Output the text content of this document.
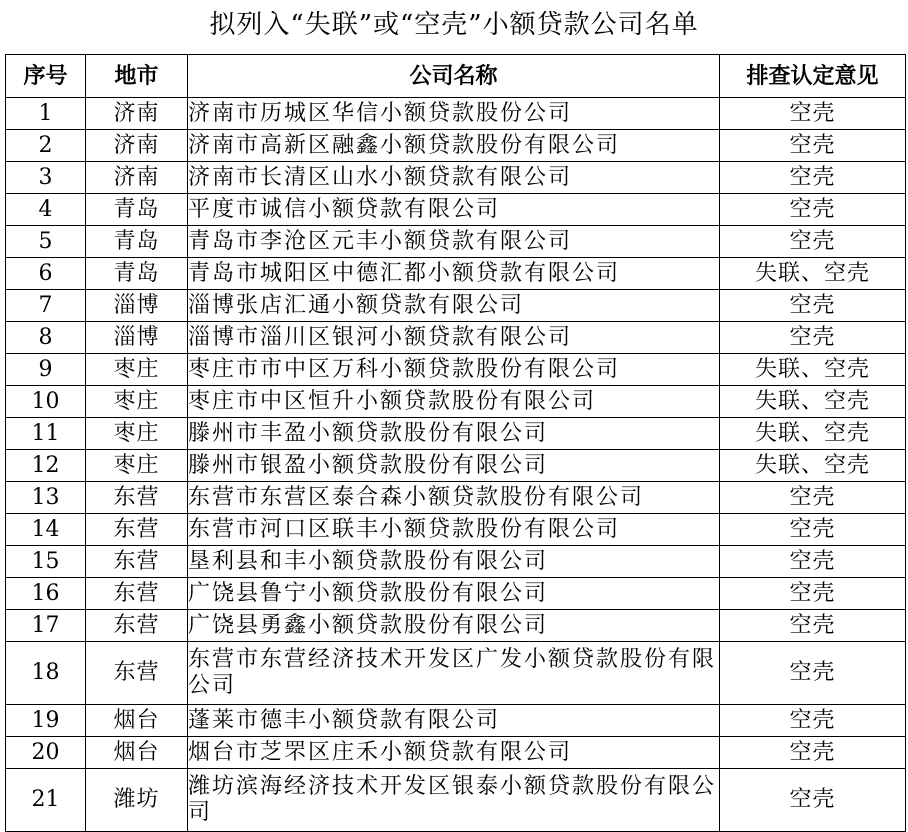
拟列入“失联”或“空壳”小额贷款公司名单
序号	地市	公司名称	排查认定意见
1	济南	济南市历城区华信小额贷款股份公司	空壳
2	济南	济南市高新区融鑫小额贷款股份有限公司	空壳
3	济南	济南市长清区山水小额贷款有限公司	空壳
4	青岛	平度市诚信小额贷款有限公司	空壳
5	青岛	青岛市李沧区元丰小额贷款有限公司	空壳
6	青岛	青岛市城阳区中德汇都小额贷款有限公司	失联、空壳
7	淄博	淄博张店汇通小额贷款有限公司	空壳
8	淄博	淄博市淄川区银河小额贷款有限公司	空壳
9	枣庄	枣庄市市中区万科小额贷款股份有限公司	失联、空壳
10	枣庄	枣庄市中区恒升小额贷款股份有限公司	失联、空壳
11	枣庄	滕州市丰盈小额贷款股份有限公司	失联、空壳
12	枣庄	滕州市银盈小额贷款股份有限公司	失联、空壳
13	东营	东营市东营区泰合森小额贷款股份有限公司	空壳
14	东营	东营市河口区联丰小额贷款股份有限公司	空壳
15	东营	垦利县和丰小额贷款股份有限公司	空壳
16	东营	广饶县鲁宁小额贷款股份有限公司	空壳
17	东营	广饶县勇鑫小额贷款股份有限公司	空壳
18	东营	东营市东营经济技术开发区广发小额贷款股份有限公司	空壳
19	烟台	蓬莱市德丰小额贷款有限公司	空壳
20	烟台	烟台市芝罘区庄禾小额贷款有限公司	空壳
21	潍坊	潍坊滨海经济技术开发区银泰小额贷款股份有限公司	空壳
